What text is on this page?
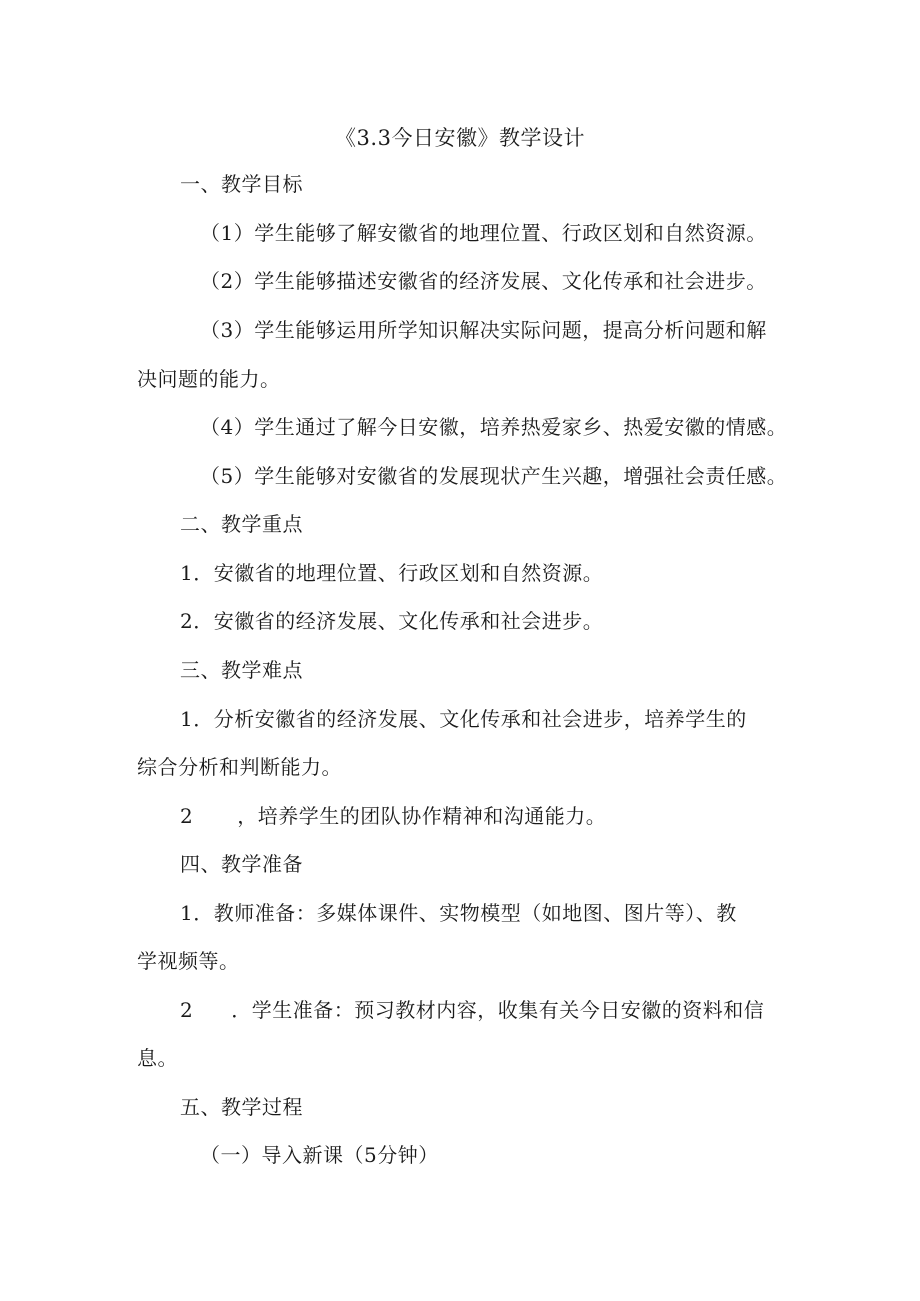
《3.3今日安徽》教学设计
一、教学目标
（1）学生能够了解安徽省的地理位置、行政区划和自然资源。
（2）学生能够描述安徽省的经济发展、文化传承和社会进步。
（3）学生能够运用所学知识解决实际问题，提高分析问题和解
决问题的能力。
（4）学生通过了解今日安徽，培养热爱家乡、热爱安徽的情感。
（5）学生能够对安徽省的发展现状产生兴趣，增强社会责任感。
二、教学重点
1．安徽省的地理位置、行政区划和自然资源。
2．安徽省的经济发展、文化传承和社会进步。
三、教学难点
1．分析安徽省的经济发展、文化传承和社会进步，培养学生的
综合分析和判断能力。
2 ，培养学生的团队协作精神和沟通能力。
四、教学准备
1．教师准备：多媒体课件、实物模型（如地图、图片等）、教
学视频等。
2 ．学生准备：预习教材内容，收集有关今日安徽的资料和信
息。
五、教学过程
（一）导入新课（5分钟）
